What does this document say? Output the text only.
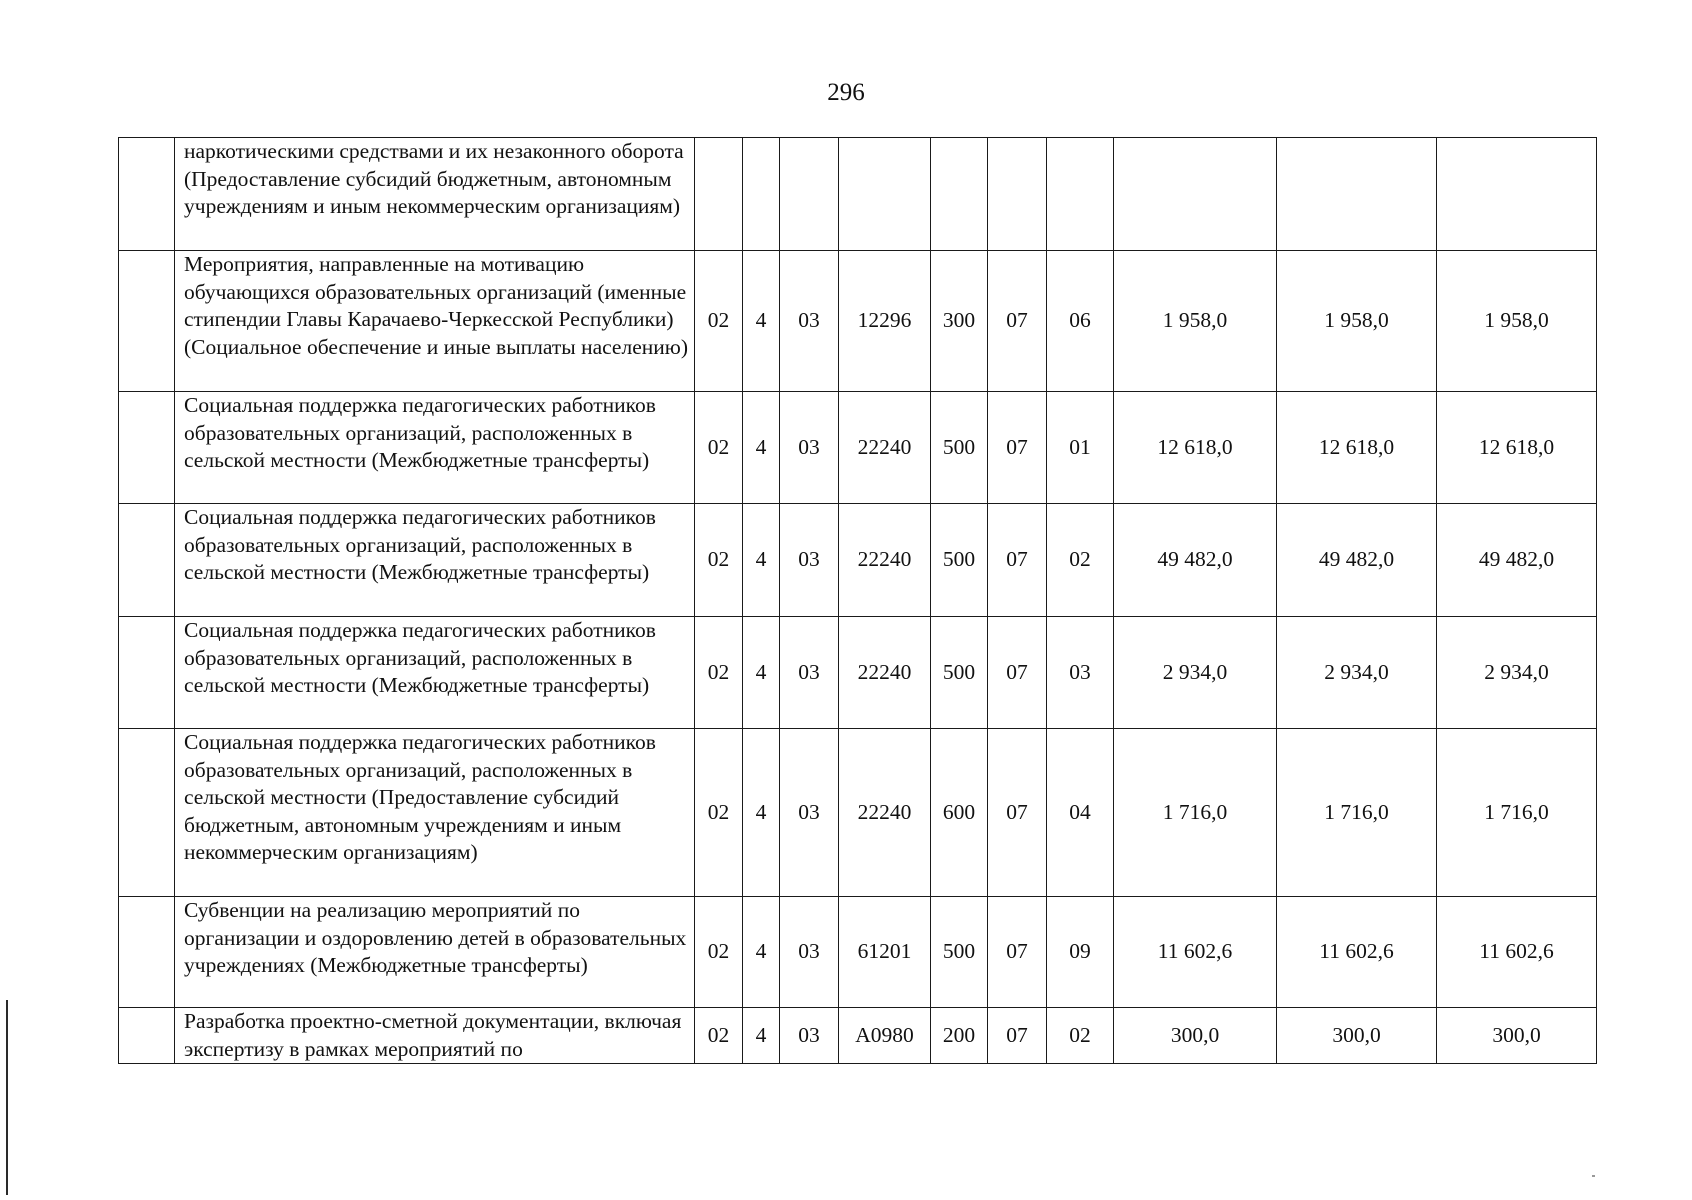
296
	наркотическими средствами и их незаконного оборота (Предоставление субсидий бюджетным, автономным учреждениям и иным некоммерческим организациям)										
	Мероприятия, направленные на мотивацию обучающихся образовательных организаций (именные стипендии Главы Карачаево-Черкесской Республики) (Социальное обеспечение и иные выплаты населению)	02	4	03	12296	300	07	06	1 958,0	1 958,0	1 958,0
	Социальная поддержка педагогических работников образовательных организаций, расположенных в сельской местности (Межбюджетные трансферты)	02	4	03	22240	500	07	01	12 618,0	12 618,0	12 618,0
	Социальная поддержка педагогических работников образовательных организаций, расположенных в сельской местности (Межбюджетные трансферты)	02	4	03	22240	500	07	02	49 482,0	49 482,0	49 482,0
	Социальная поддержка педагогических работников образовательных организаций, расположенных в сельской местности (Межбюджетные трансферты)	02	4	03	22240	500	07	03	2 934,0	2 934,0	2 934,0
	Социальная поддержка педагогических работников образовательных организаций, расположенных в сельской местности (Предоставление субсидий бюджетным, автономным учреждениям и иным некоммерческим организациям)	02	4	03	22240	600	07	04	1 716,0	1 716,0	1 716,0
	Субвенции на реализацию мероприятий по организации и оздоровлению детей в образовательных учреждениях (Межбюджетные трансферты)	02	4	03	61201	500	07	09	11 602,6	11 602,6	11 602,6
	Разработка проектно-сметной документации, включая экспертизу в рамках мероприятий по	02	4	03	А0980	200	07	02	300,0	300,0	300,0
